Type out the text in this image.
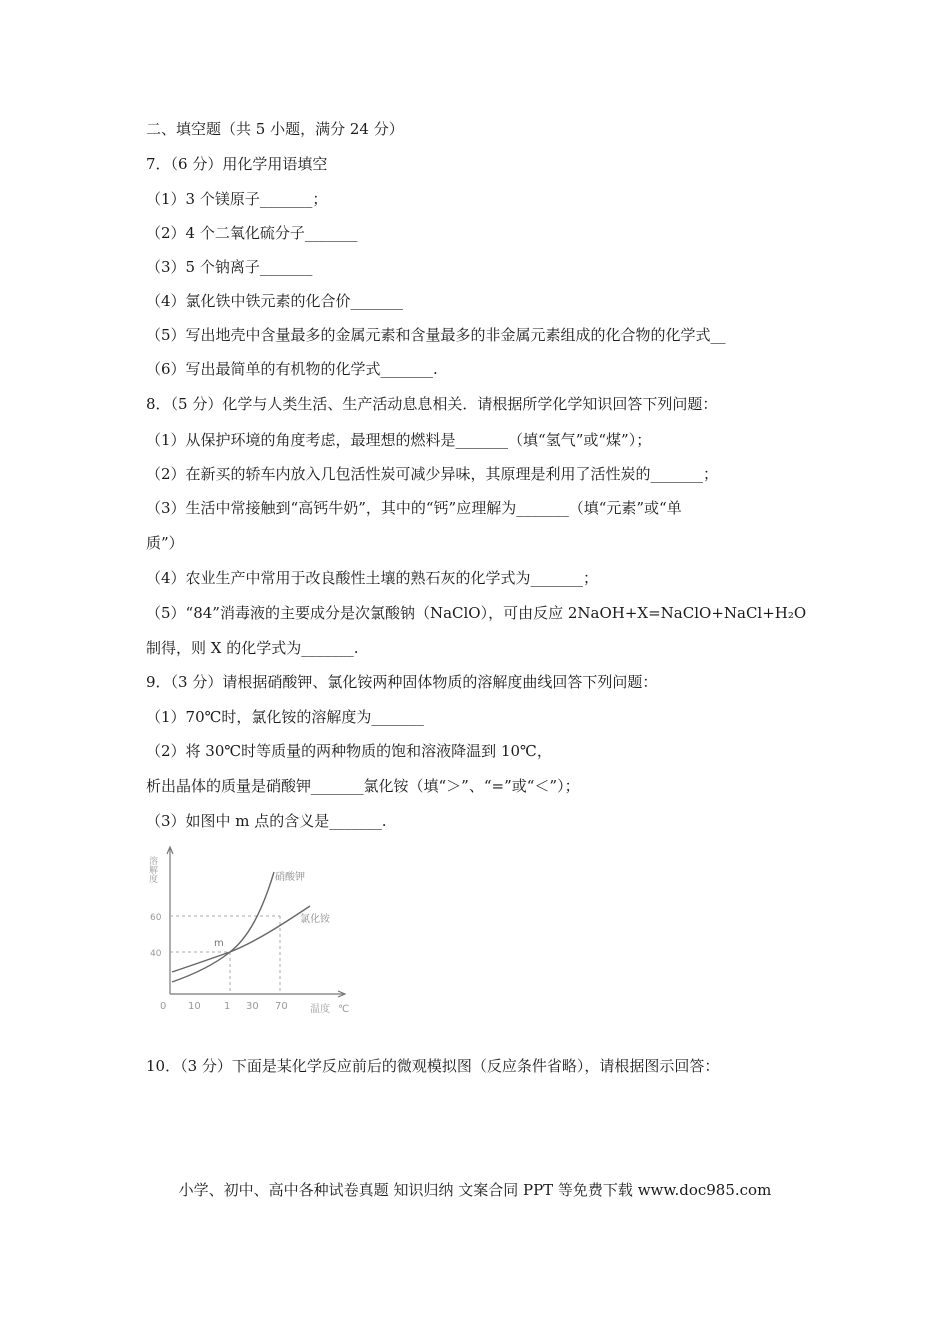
二、填空题（共 5 小题，满分 24 分）
7．（6 分）用化学用语填空
（1）3 个镁原子_______；
（2）4 个二氧化硫分子_______
（3）5 个钠离子_______
（4）氯化铁中铁元素的化合价_______
（5）写出地壳中含量最多的金属元素和含量最多的非金属元素组成的化合物的化学式__
（6）写出最简单的有机物的化学式_______.
8．（5 分）化学与人类生活、生产活动息息相关．请根据所学化学知识回答下列问题：
（1）从保护环境的角度考虑，最理想的燃料是_______（填“氢气”或“煤”）；
（2）在新买的轿车内放入几包活性炭可减少异味，其原理是利用了活性炭的_______；
（3）生活中常接触到“高钙牛奶”，其中的“钙”应理解为_______（填“元素”或“单
质”）
（4）农业生产中常用于改良酸性土壤的熟石灰的化学式为_______；
（5）“84”消毒液的主要成分是次氯酸钠（NaClO），可由反应 2NaOH+X=NaClO+NaCl+H₂O
制得，则 X 的化学式为_______.
9．（3 分）请根据硝酸钾、氯化铵两种固体物质的溶解度曲线回答下列问题：
（1）70℃时，氯化铵的溶解度为_______
（2）将 30℃时等质量的两种物质的饱和溶液降温到 10℃，
析出晶体的质量是硝酸钾_______氯化铵（填“＞”、“=”或“＜”）；
（3）如图中 m 点的含义是_______.
溶解度
60
40
0 10 1 30 70 温度 ℃
硝酸钾
氯化铵
m
10．（3 分）下面是某化学反应前后的微观模拟图（反应条件省略），请根据图示回答：
小学、初中、高中各种试卷真题 知识归纳 文案合同 PPT 等免费下载 www.doc985.com
